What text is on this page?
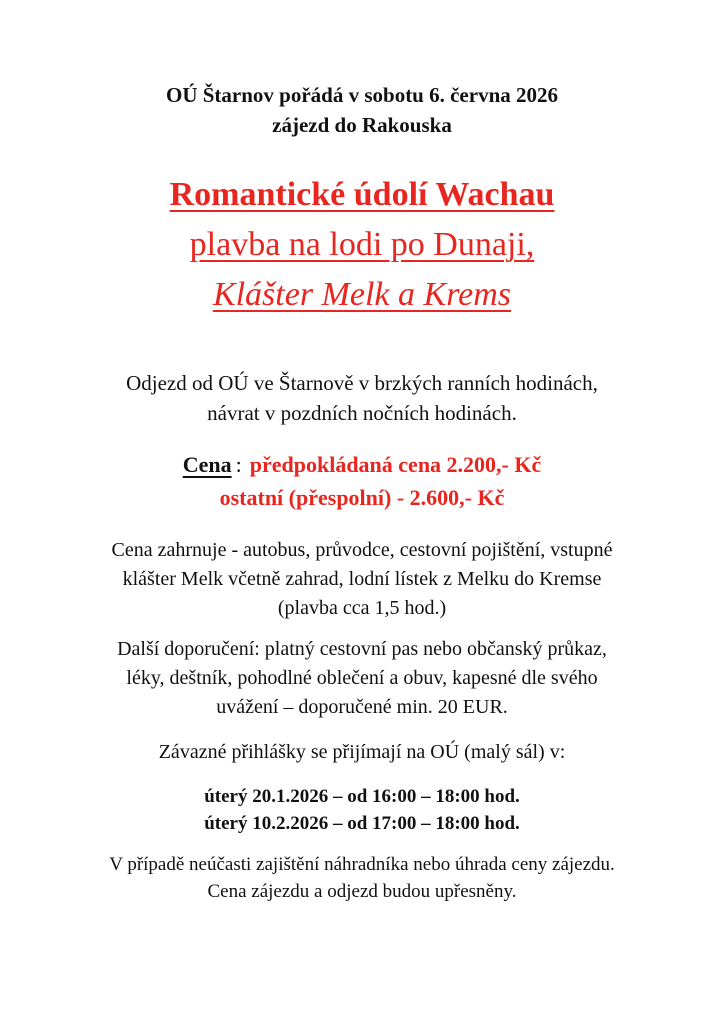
OÚ Štarnov pořádá v sobotu 6. června 2026
zájezd do Rakouska
Romantické údolí Wachau
plavba na lodi po Dunaji,
Klášter Melk a Krems
Odjezd od OÚ ve Štarnově v brzkých ranních hodinách,
návrat v pozdních nočních hodinách.
Cena : předpokládaná cena 2.200,- Kč
ostatní (přespolní) - 2.600,- Kč
Cena zahrnuje - autobus, průvodce, cestovní pojištění, vstupné
klášter Melk včetně zahrad, lodní lístek z Melku do Kremse
(plavba cca 1,5 hod.)
Další doporučení: platný cestovní pas nebo občanský průkaz,
léky, deštník, pohodlné oblečení a obuv, kapesné dle svého
uvážení – doporučené min. 20 EUR.
Závazné přihlášky se přijímají na OÚ (malý sál) v:
úterý 20.1.2026 – od 16:00 – 18:00 hod.
úterý 10.2.2026 – od 17:00 – 18:00 hod.
V případě neúčasti zajištění náhradníka nebo úhrada ceny zájezdu.
Cena zájezdu a odjezd budou upřesněny.
